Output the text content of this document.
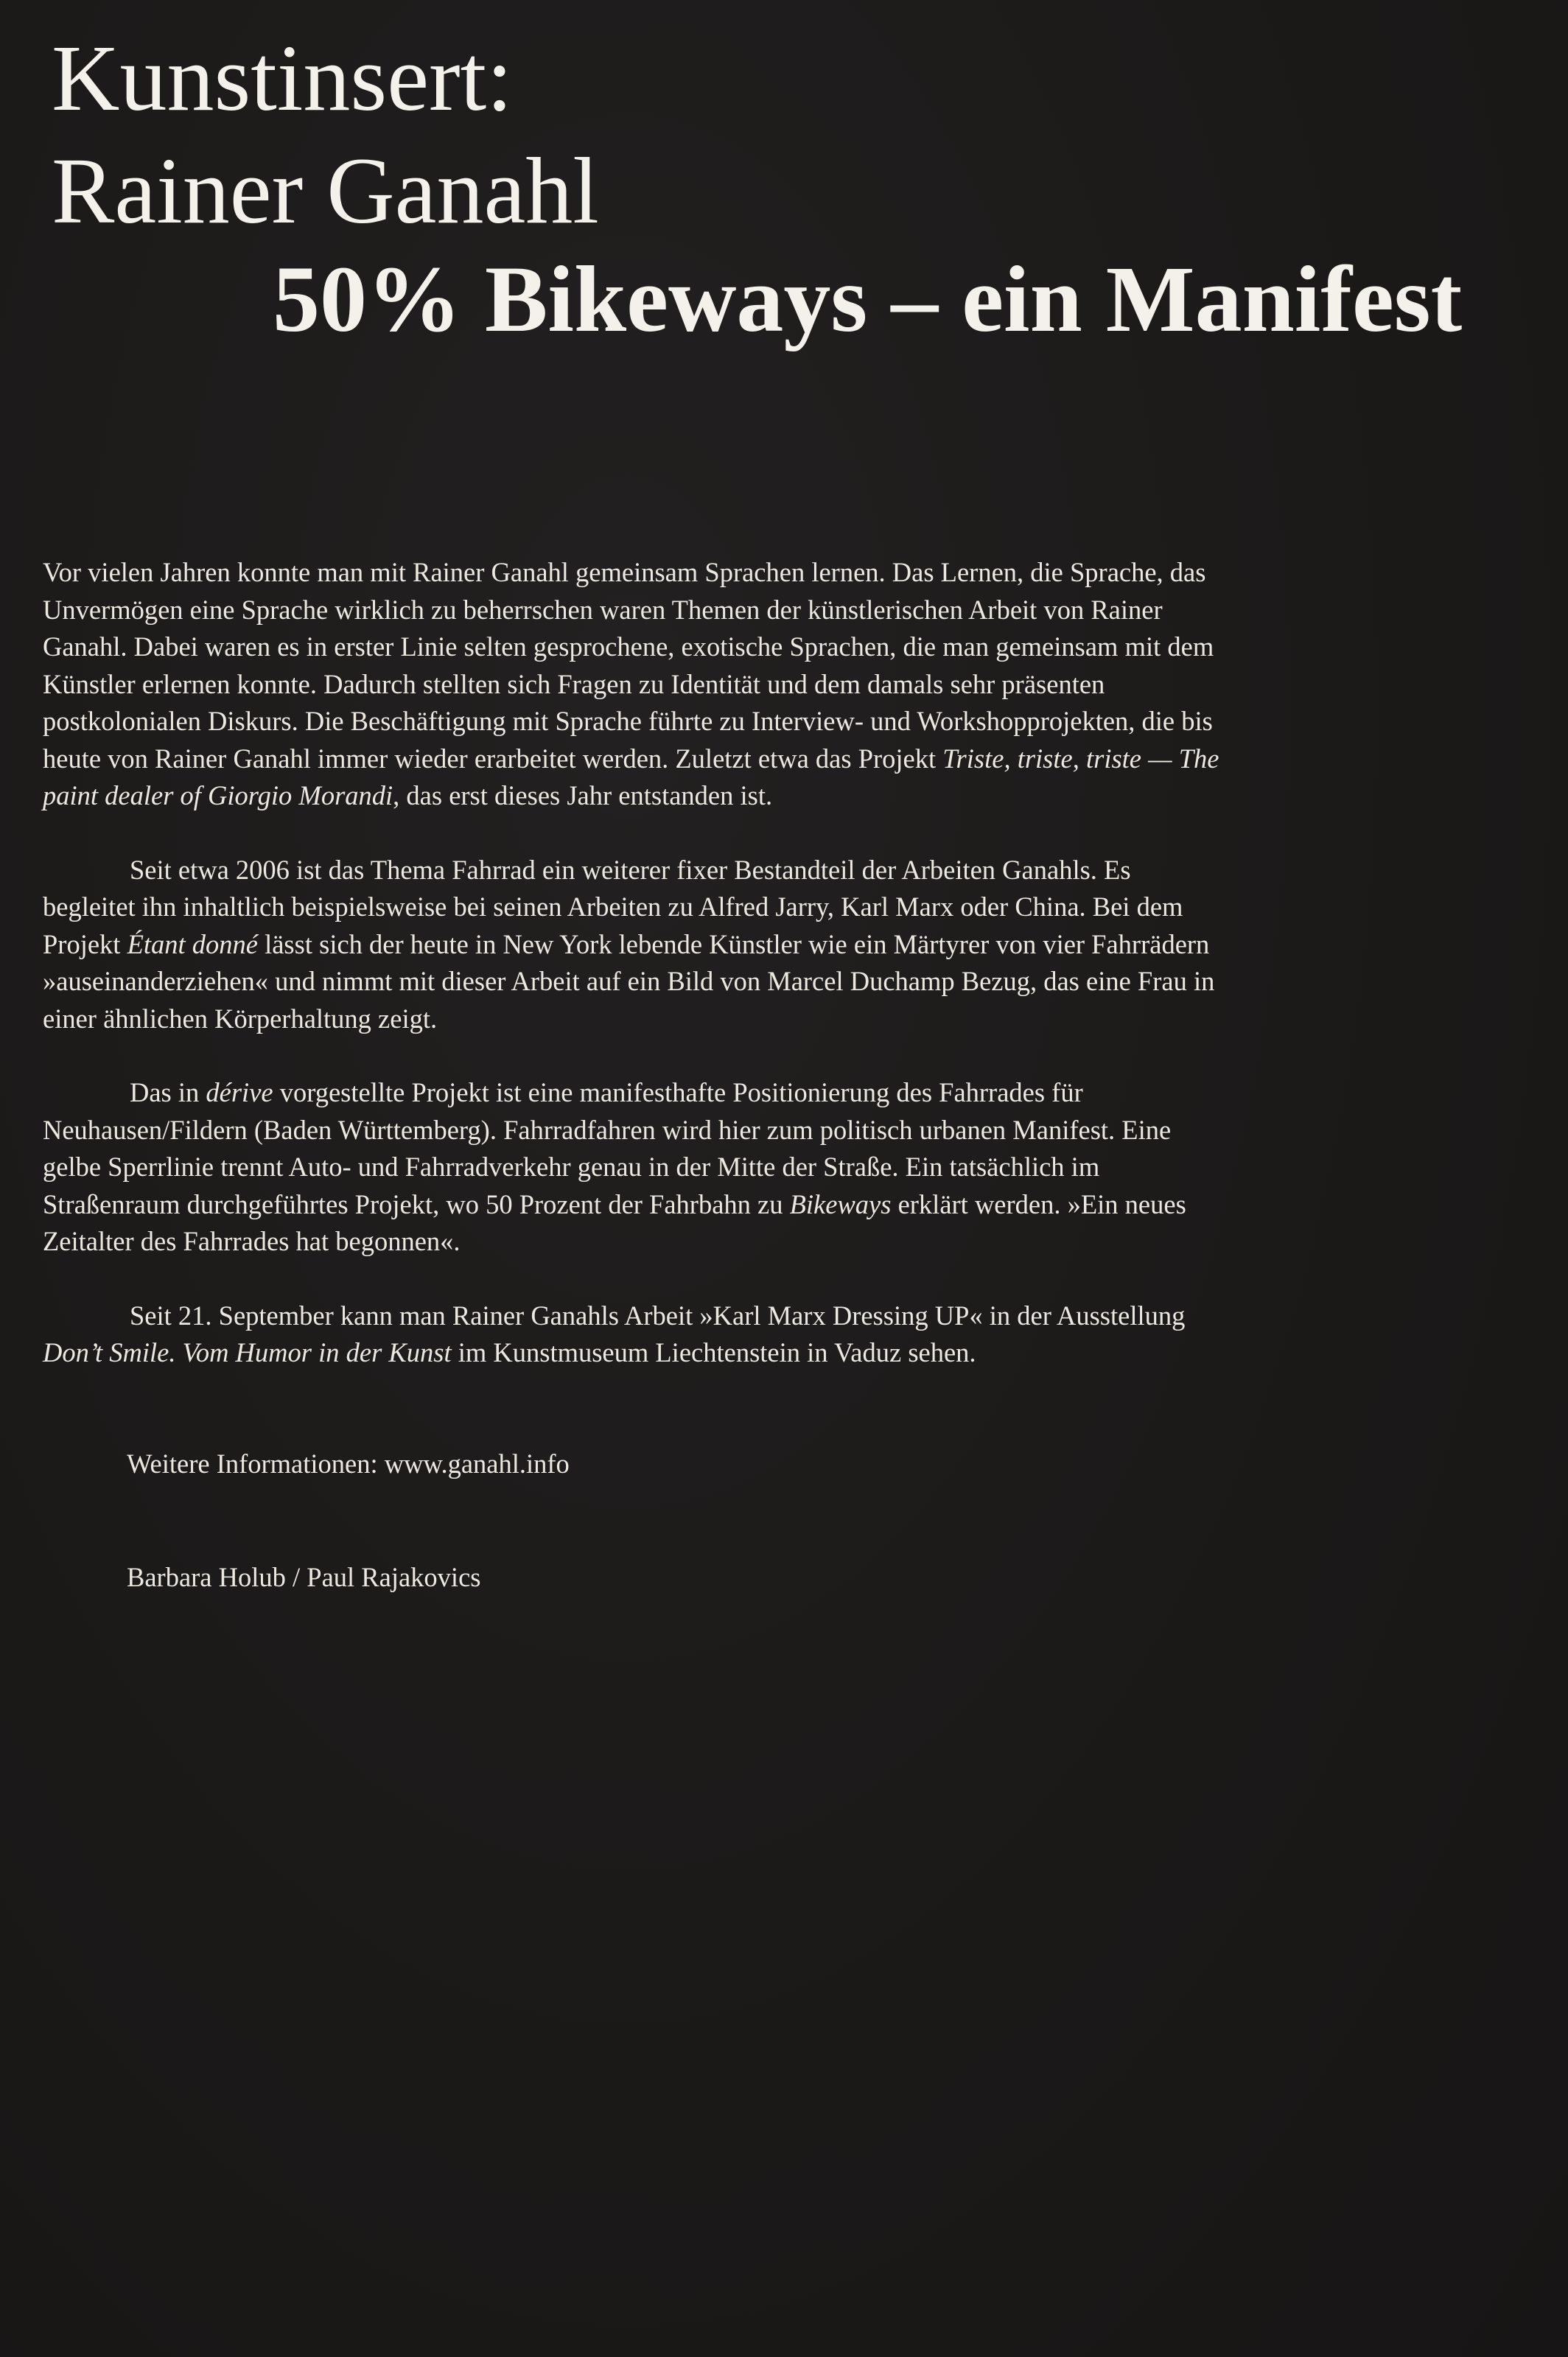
Kunstinsert:
Rainer Ganahl
50% Bikeways – ein Manifest

Vor vielen Jahren konnte man mit Rainer Ganahl gemeinsam Sprachen lernen. Das Lernen, die Sprache, das Unvermögen eine Sprache wirklich zu beherrschen waren Themen der künstlerischen Arbeit von Rainer Ganahl. Dabei waren es in erster Linie selten gesprochene, exotische Sprachen, die man gemeinsam mit dem Künstler erlernen konnte. Dadurch stellten sich Fragen zu Identität und dem damals sehr präsenten postkolonialen Diskurs. Die Beschäftigung mit Sprache führte zu Interview- und Workshopprojekten, die bis heute von Rainer Ganahl immer wieder erarbeitet werden. Zuletzt etwa das Projekt Triste, triste, triste — The paint dealer of Giorgio Morandi, das erst dieses Jahr entstanden ist.

Seit etwa 2006 ist das Thema Fahrrad ein weiterer fixer Bestandteil der Arbeiten Ganahls. Es begleitet ihn inhaltlich beispielsweise bei seinen Arbeiten zu Alfred Jarry, Karl Marx oder China. Bei dem Projekt Étant donné lässt sich der heute in New York lebende Künstler wie ein Märtyrer von vier Fahrrädern »auseinanderziehen« und nimmt mit dieser Arbeit auf ein Bild von Marcel Duchamp Bezug, das eine Frau in einer ähnlichen Körperhaltung zeigt.

Das in dérive vorgestellte Projekt ist eine manifesthafte Positionierung des Fahrrades für Neuhausen/Fildern (Baden Württemberg). Fahrradfahren wird hier zum politisch urbanen Manifest. Eine gelbe Sperrlinie trennt Auto- und Fahrradverkehr genau in der Mitte der Straße. Ein tatsächlich im Straßenraum durchgeführtes Projekt, wo 50 Prozent der Fahrbahn zu Bikeways erklärt werden. »Ein neues Zeitalter des Fahrrades hat begonnen«.

Seit 21. September kann man Rainer Ganahls Arbeit »Karl Marx Dressing UP« in der Ausstellung Don’t Smile. Vom Humor in der Kunst im Kunstmuseum Liechtenstein in Vaduz sehen.

Weitere Informationen: www.ganahl.info

Barbara Holub / Paul Rajakovics
